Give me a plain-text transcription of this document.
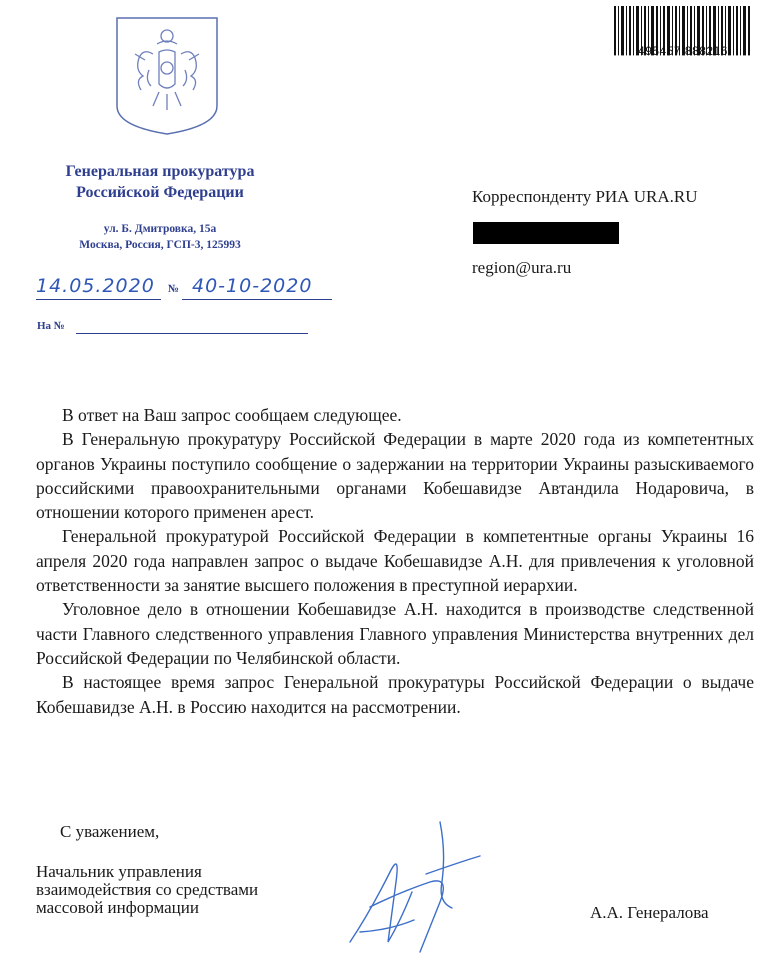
495457 888216
Генеральная прокуратура
Российской Федерации
ул. Б. Дмитровка, 15а
Москва, Россия, ГСП-3, 125993
14.05.2020 № 40-10-2020
На №
Корреспонденту РИА URA.RU
region@ura.ru

В ответ на Ваш запрос сообщаем следующее.

В Генеральную прокуратуру Российской Федерации в марте 2020 года из компетентных органов Украины поступило сообщение о задержании на территории Украины разыскиваемого российскими правоохранительными органами Кобешавидзе Автандила Нодаровича, в отношении которого применен арест.

Генеральной прокуратурой Российской Федерации в компетентные органы Украины 16 апреля 2020 года направлен запрос о выдаче Кобешавидзе А.Н. для привлечения к уголовной ответственности за занятие высшего положения в преступной иерархии.

Уголовное дело в отношении Кобешавидзе А.Н. находится в производстве следственной части Главного следственного управления Главного управления Министерства внутренних дел Российской Федерации по Челябинской области.

В настоящее время запрос Генеральной прокуратуры Российской Федерации о выдаче Кобешавидзе А.Н. в Россию находится на рассмотрении.

С уважением,
Начальник управления
взаимодействия со средствами
массовой информации	А.А. Генералова
